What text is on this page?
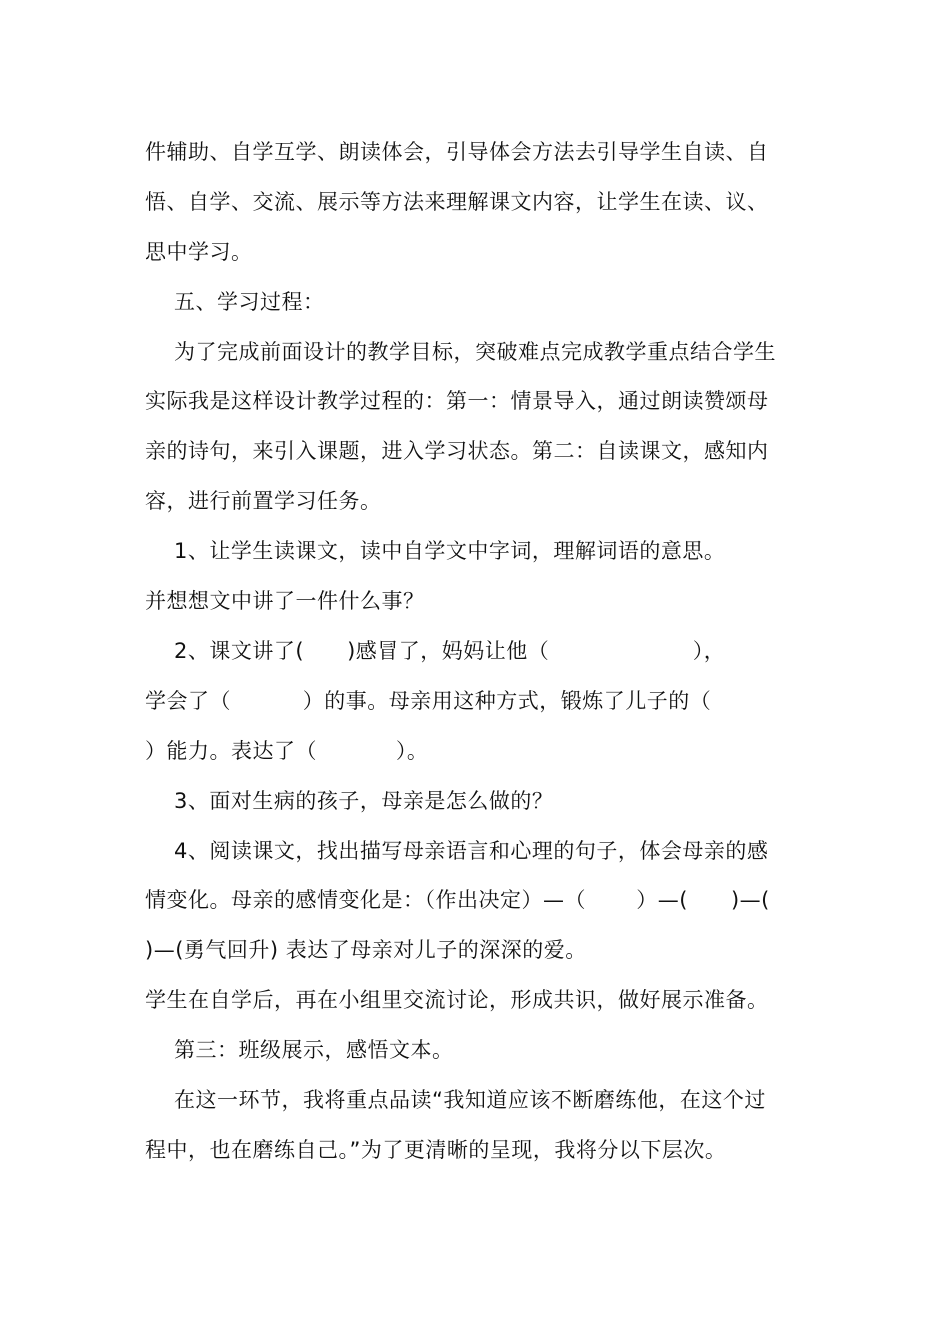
件辅助、自学互学、朗读体会，引导体会方法去引导学生自读、自
悟、自学、交流、展示等方法来理解课文内容，让学生在读、议、
思中学习。
五、学习过程：
为了完成前面设计的教学目标，突破难点完成教学重点结合学生
实际我是这样设计教学过程的：第一：情景导入，通过朗读赞颂母
亲的诗句，来引入课题，进入学习状态。第二：自读课文，感知内
容，进行前置学习任务。
1、让学生读课文，读中自学文中字词，理解词语的意思。
并想想文中讲了一件什么事？
2、课文讲了(      )感冒了，妈妈让他（                    ），
学会了（          ）的事。母亲用这种方式，锻炼了儿子的（
）能力。表达了（           ）。
3、面对生病的孩子，母亲是怎么做的？
4、阅读课文，找出描写母亲语言和心理的句子，体会母亲的感
情变化。母亲的感情变化是：（作出决定）—（       ）—(      )—(
)—(勇气回升) 表达了母亲对儿子的深深的爱。
学生在自学后，再在小组里交流讨论，形成共识，做好展示准备。
第三：班级展示，感悟文本。
在这一环节，我将重点品读“我知道应该不断磨练他，在这个过
程中，也在磨练自己。”为了更清晰的呈现，我将分以下层次。
